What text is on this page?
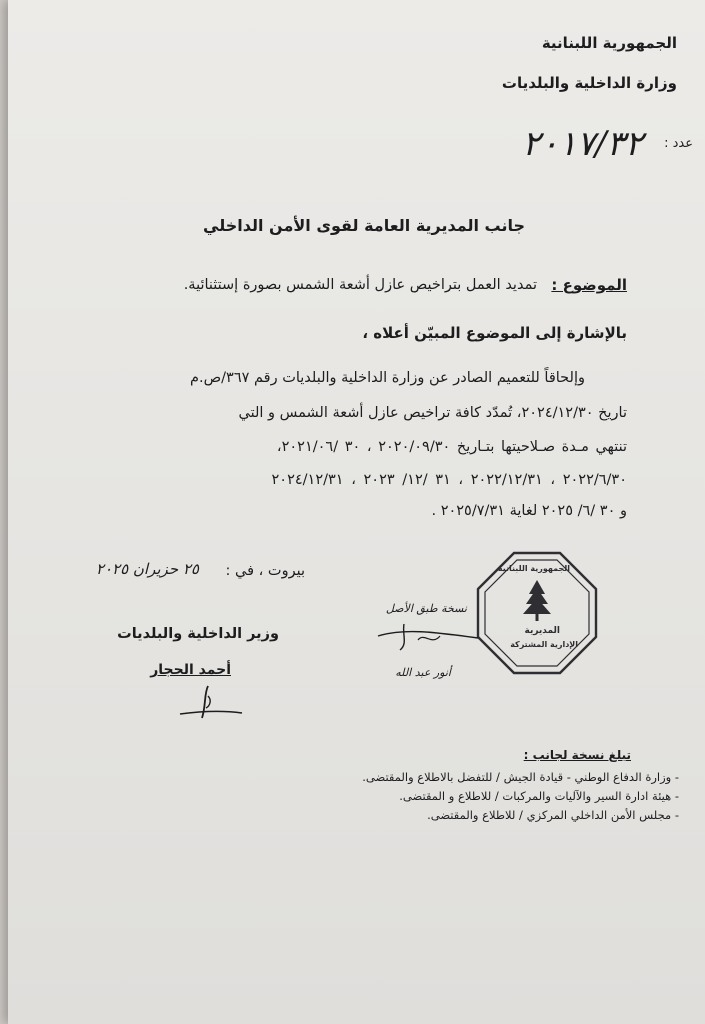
الجمهورية اللبنانية
وزارة الداخلية والبلديات
عدد :
٢٠١٧/٣٢
جانب المديرية العامة لقوى الأمن الداخلي
الموضوع :
تمديد العمل بتراخيص عازل أشعة الشمس بصورة إستثنائية.
بالإشارة إلى الموضوع المبيّن أعلاه ،
وإلحاقاً للتعميم الصادر عن وزارة الداخلية والبلديات رقم ٣٦٧/ص.م
تاريخ ٢٠٢٤/١٢/٣٠، تُمدّد كافة تراخيص عازل أشعة الشمس و التي
تنتهي مـدة صـلاحيتها بتـاريخ ٢٠٢٠/٠٩/٣٠ ، ٣٠ /٢٠٢١/٠٦،
٢٠٢٢/٦/٣٠ ، ٢٠٢٢/١٢/٣١ ، ٣١ /١٢/ ٢٠٢٣ ، ٢٠٢٤/١٢/٣١
و ٣٠ /٦/ ٢٠٢٥ لغاية ٢٠٢٥/٧/٣١ .
بيروت ، في :
٢٥ حزيران ٢٠٢٥
وزير الداخلية والبلديات
أحمد الحجار
الجمهورية اللبنانية
المديرية
الإدارية المشتركة
نسخة طبق الأصل
أنور عبد الله
تبلغ نسخة لجانب :
- وزارة الدفاع الوطني - قيادة الجيش / للتفضل بالاطلاع والمقتضى.
- هيئة ادارة السير والآليات والمركبات / للاطلاع و المقتضى.
- مجلس الأمن الداخلي المركزي / للاطلاع والمقتضى.
